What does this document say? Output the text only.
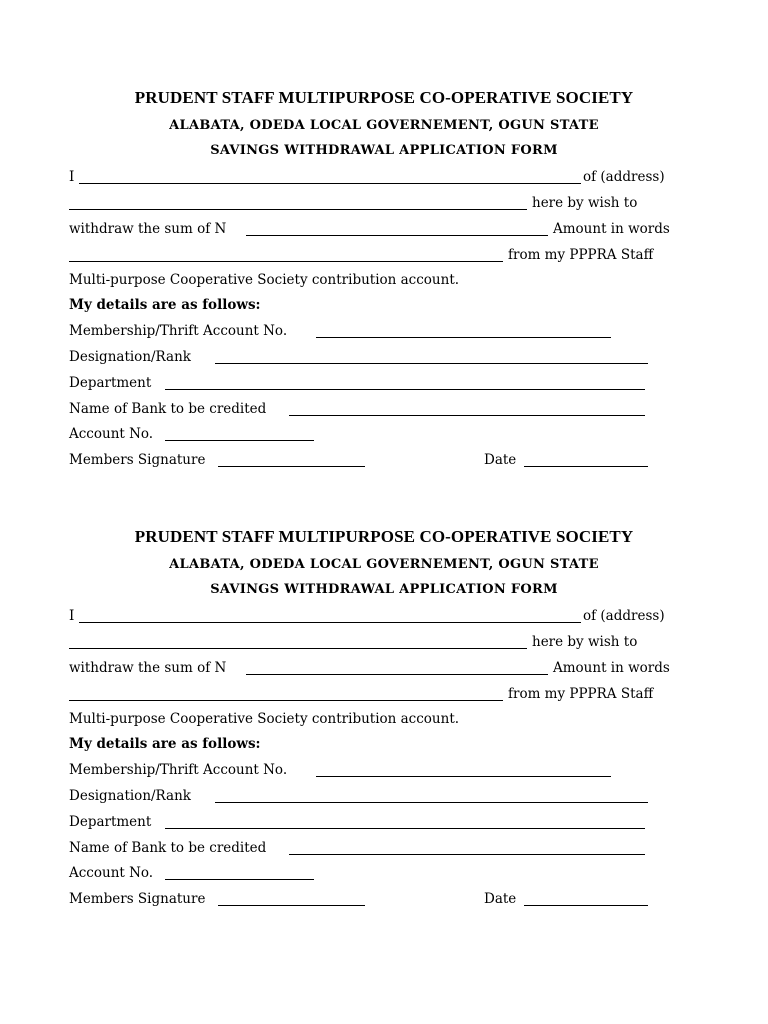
PRUDENT STAFF MULTIPURPOSE CO-OPERATIVE SOCIETY
ALABATA, ODEDA LOCAL GOVERNEMENT, OGUN STATE
SAVINGS WITHDRAWAL APPLICATION FORM
I	of (address)
here by wish to
withdraw the sum of N	Amount in words
from my PPPRA Staff
Multi-purpose Cooperative Society contribution account.
My details are as follows:
Membership/Thrift Account No.
Designation/Rank
Department
Name of Bank to be credited
Account No.
Members Signature	Date
PRUDENT STAFF MULTIPURPOSE CO-OPERATIVE SOCIETY
ALABATA, ODEDA LOCAL GOVERNEMENT, OGUN STATE
SAVINGS WITHDRAWAL APPLICATION FORM
I	of (address)
here by wish to
withdraw the sum of N	Amount in words
from my PPPRA Staff
Multi-purpose Cooperative Society contribution account.
My details are as follows:
Membership/Thrift Account No.
Designation/Rank
Department
Name of Bank to be credited
Account No.
Members Signature	Date
